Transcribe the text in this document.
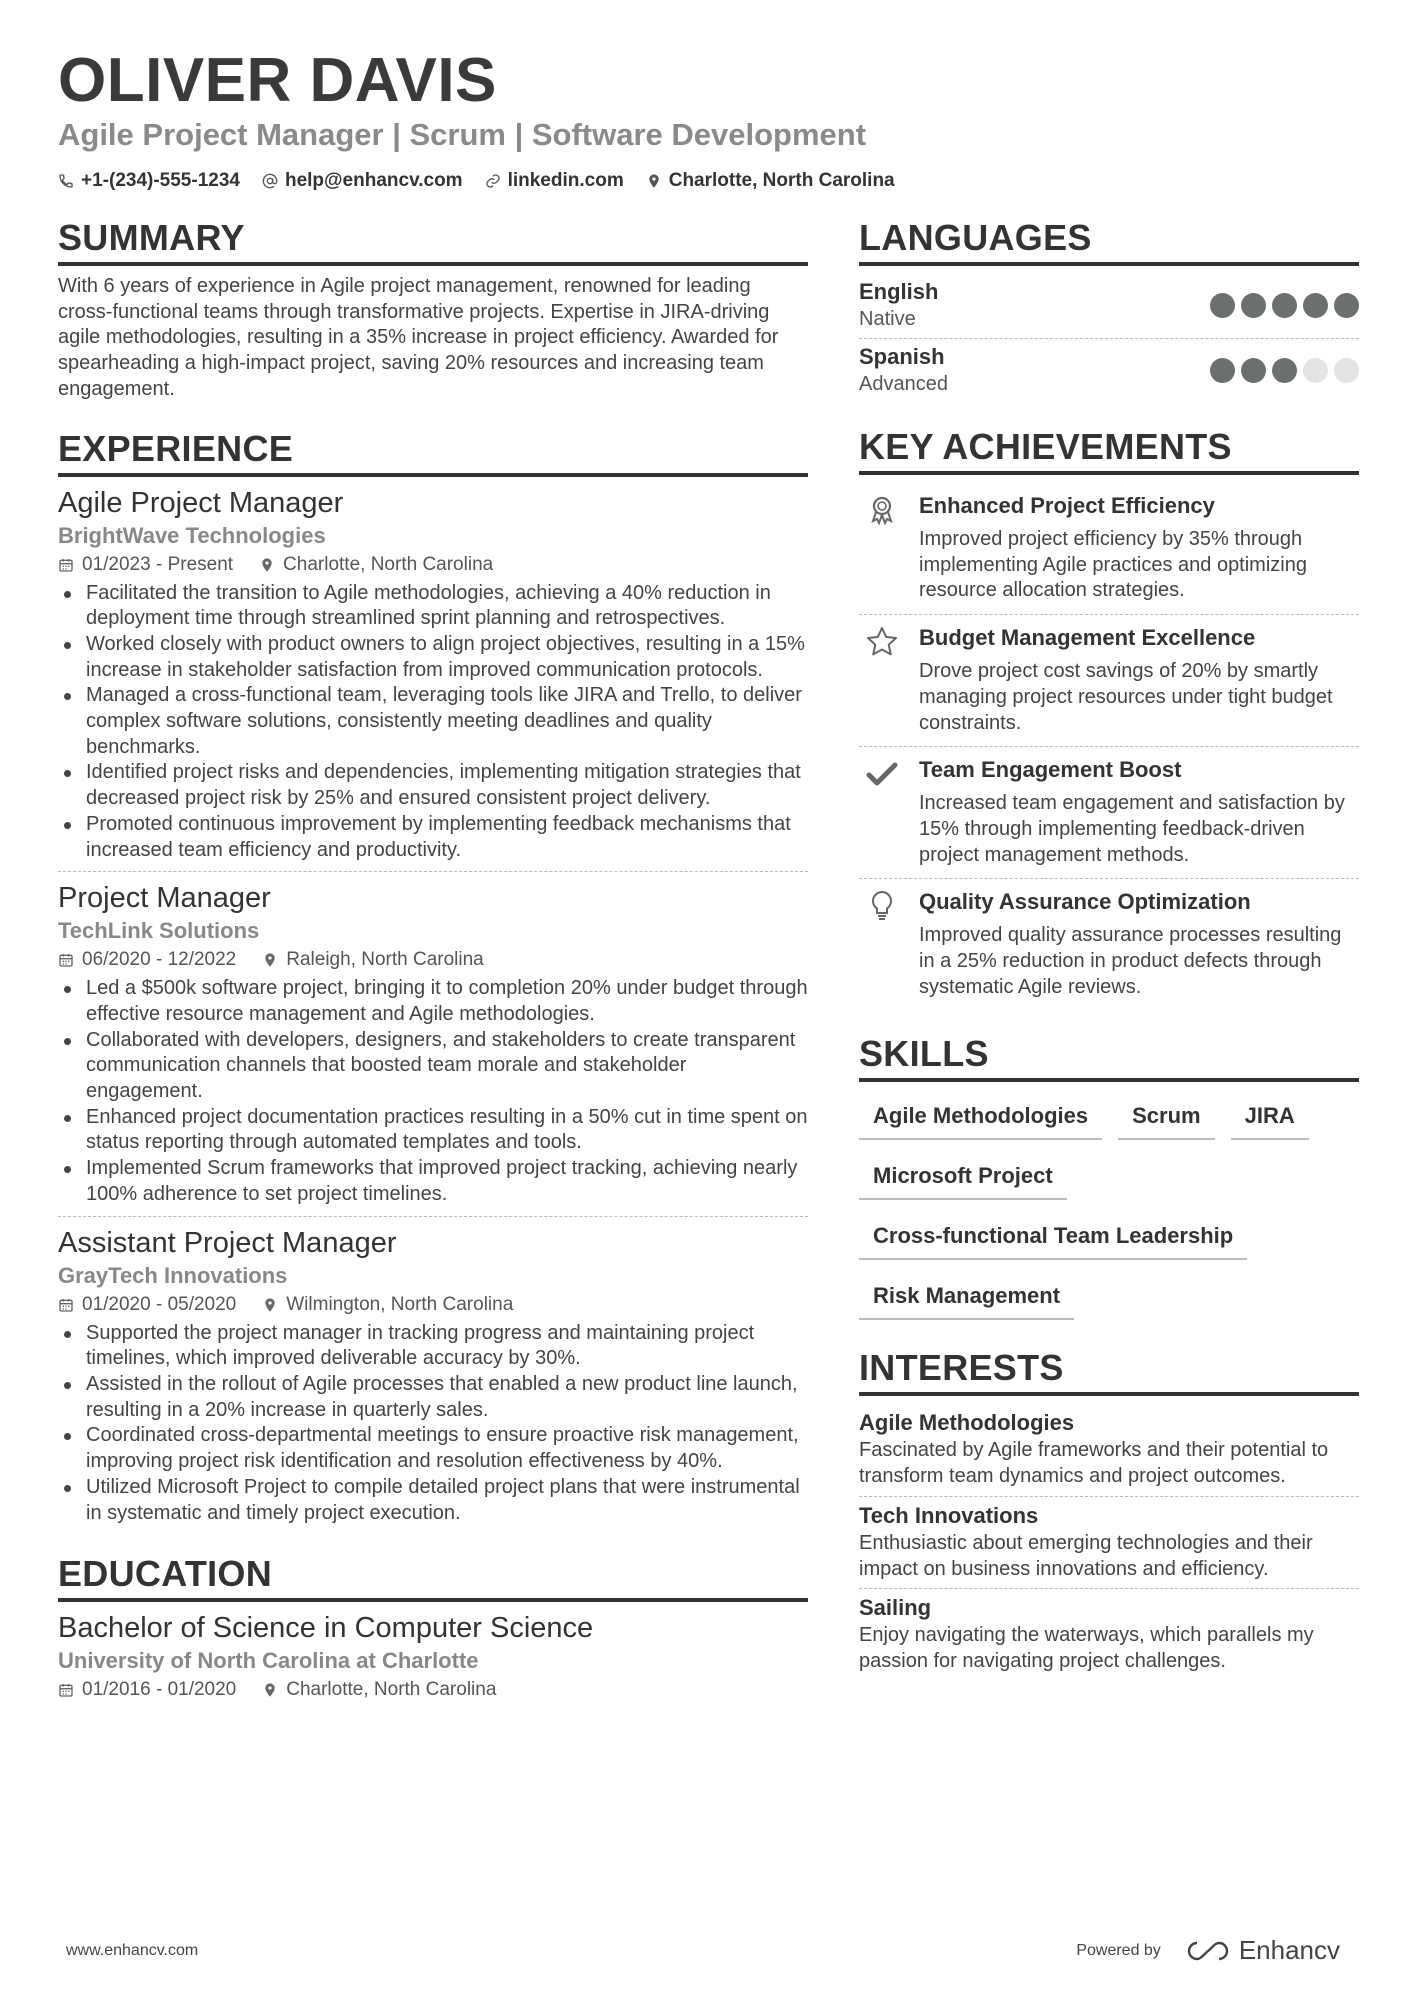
OLIVER DAVIS
Agile Project Manager | Scrum | Software Development
+1-(234)-555-1234 help@enhancv.com linkedin.com Charlotte, North Carolina
SUMMARY

With 6 years of experience in Agile project management, renowned for leading cross-functional teams through transformative projects. Expertise in JIRA-driving agile methodologies, resulting in a 35% increase in project efficiency. Awarded for spearheading a high-impact project, saving 20% resources and increasing team engagement.

EXPERIENCE
Agile Project Manager
BrightWave Technologies
01/2023 - Present	Charlotte, North Carolina
Facilitated the transition to Agile methodologies, achieving a 40% reduction in deployment time through streamlined sprint planning and retrospectives.
Worked closely with product owners to align project objectives, resulting in a 15% increase in stakeholder satisfaction from improved communication protocols.
Managed a cross-functional team, leveraging tools like JIRA and Trello, to deliver complex software solutions, consistently meeting deadlines and quality benchmarks.
Identified project risks and dependencies, implementing mitigation strategies that decreased project risk by 25% and ensured consistent project delivery.
Promoted continuous improvement by implementing feedback mechanisms that increased team efficiency and productivity.
Project Manager
TechLink Solutions
06/2020 - 12/2022	Raleigh, North Carolina
Led a $500k software project, bringing it to completion 20% under budget through effective resource management and Agile methodologies.
Collaborated with developers, designers, and stakeholders to create transparent communication channels that boosted team morale and stakeholder engagement.
Enhanced project documentation practices resulting in a 50% cut in time spent on status reporting through automated templates and tools.
Implemented Scrum frameworks that improved project tracking, achieving nearly 100% adherence to set project timelines.
Assistant Project Manager
GrayTech Innovations
01/2020 - 05/2020	Wilmington, North Carolina
Supported the project manager in tracking progress and maintaining project timelines, which improved deliverable accuracy by 30%.
Assisted in the rollout of Agile processes that enabled a new product line launch, resulting in a 20% increase in quarterly sales.
Coordinated cross-departmental meetings to ensure proactive risk management, improving project risk identification and resolution effectiveness by 40%.
Utilized Microsoft Project to compile detailed project plans that were instrumental in systematic and timely project execution.
EDUCATION
Bachelor of Science in Computer Science
University of North Carolina at Charlotte
01/2016 - 01/2020	Charlotte, North Carolina
LANGUAGES
English
Native
Spanish
Advanced
KEY ACHIEVEMENTS
Enhanced Project Efficiency
Improved project efficiency by 35% through implementing Agile practices and optimizing resource allocation strategies.
Budget Management Excellence
Drove project cost savings of 20% by smartly managing project resources under tight budget constraints.
Team Engagement Boost
Increased team engagement and satisfaction by 15% through implementing feedback-driven project management methods.
Quality Assurance Optimization
Improved quality assurance processes resulting in a 25% reduction in product defects through systematic Agile reviews.
SKILLS
Agile Methodologies	Scrum	JIRA
Microsoft Project
Cross-functional Team Leadership
Risk Management
INTERESTS
Agile Methodologies
Fascinated by Agile frameworks and their potential to transform team dynamics and project outcomes.
Tech Innovations
Enthusiastic about emerging technologies and their impact on business innovations and efficiency.
Sailing
Enjoy navigating the waterways, which parallels my passion for navigating project challenges.
www.enhancv.com	Powered by	Enhancv
